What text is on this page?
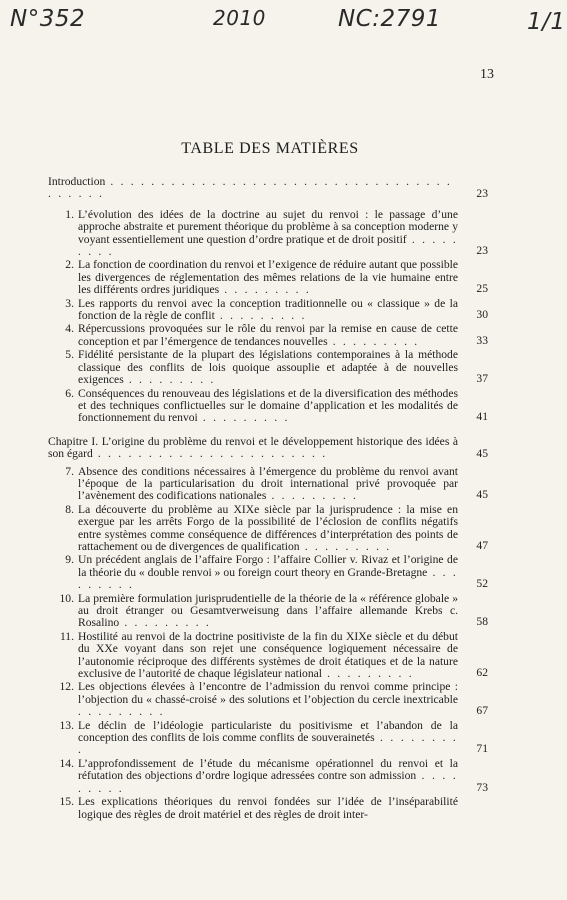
N°352	2010	NC:2791	1/1
13
TABLE DES MATIÈRES
Introduction . . . . . . . . . . . . . . . . . . . . . . . . . . . . . . . . . . . . . . . .	23
1. L’évolution des idées de la doctrine au sujet du renvoi : le passage d’une approche abstraite et purement théorique du problème à sa conception moderne y voyant essentiellement une question d’ordre pratique et de droit positif . . . . . . . . .	23
2. La fonction de coordination du renvoi et l’exigence de réduire autant que possible les divergences de réglementation des mêmes relations de la vie humaine entre les différents ordres juridiques . . . . . . . . .	25
3. Les rapports du renvoi avec la conception traditionnelle ou « classique » de la fonction de la règle de conflit . . . . . . . . .	30
4. Répercussions provoquées sur le rôle du renvoi par la remise en cause de cette conception et par l’émergence de tendances nouvelles . . . . . . . . .	33
5. Fidélité persistante de la plupart des législations contemporaines à la méthode classique des conflits de lois quoique assouplie et adaptée à de nouvelles exigences . . . . . . . . .	37
6. Conséquences du renouveau des législations et de la diversification des méthodes et des techniques conflictuelles sur le domaine d’application et les modalités de fonctionnement du renvoi . . . . . . . . .	41
Chapitre I. L’origine du problème du renvoi et le développement historique des idées à son égard . . . . . . . . . . . . . . . . . . . . . . .	45
7. Absence des conditions nécessaires à l’émergence du problème du renvoi avant l’époque de la particularisation du droit international privé provoquée par l’avènement des codifications nationales . . . . . . . . .	45
8. La découverte du problème au XIXe siècle par la jurisprudence : la mise en exergue par les arrêts Forgo de la possibilité de l’éclosion de conflits négatifs entre systèmes comme conséquence de différences d’interprétation des points de rattachement ou de divergences de qualification . . . . . . . . .	47
9. Un précédent anglais de l’affaire Forgo : l’affaire Collier v. Rivaz et l’origine de la théorie du « double renvoi » ou foreign court theory en Grande-Bretagne . . . . . . . . .	52
10. La première formulation jurisprudentielle de la théorie de la « référence globale » au droit étranger ou Gesamtverweisung dans l’affaire allemande Krebs c. Rosalino . . . . . . . . .	58
11. Hostilité au renvoi de la doctrine positiviste de la fin du XIXe siècle et du début du XXe voyant dans son rejet une conséquence logiquement nécessaire de l’autonomie réciproque des différents systèmes de droit étatiques et de la nature exclusive de l’autorité de chaque législateur national . . . . . . . . .	62
12. Les objections élevées à l’encontre de l’admission du renvoi comme principe : l’objection du « chassé-croisé » des solutions et l’objection du cercle inextricable . . . . . . . . .	67
13. Le déclin de l’idéologie particulariste du positivisme et l’abandon de la conception des conflits de lois comme conflits de souverainetés . . . . . . . . .	71
14. L’approfondissement de l’étude du mécanisme opérationnel du renvoi et la réfutation des objections d’ordre logique adressées contre son admission . . . . . . . . .	73
15. Les explications théoriques du renvoi fondées sur l’idée de l’inséparabilité logique des règles de droit matériel et des règles de droit inter-
